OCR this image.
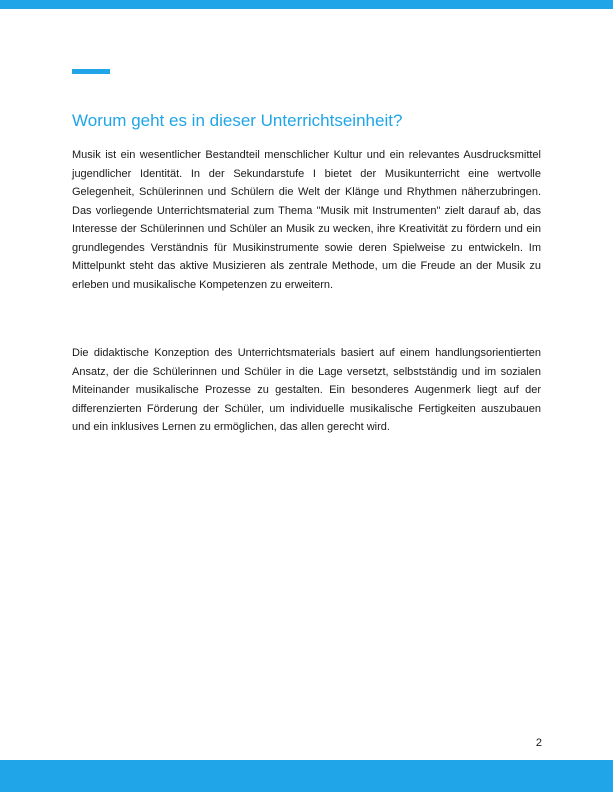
Worum geht es in dieser Unterrichtseinheit?

Musik ist ein wesentlicher Bestandteil menschlicher Kultur und ein relevantes Ausdrucksmittel jugendlicher Identität. In der Sekundarstufe I bietet der Musikunterricht eine wertvolle Gelegenheit, Schülerinnen und Schülern die Welt der Klänge und Rhythmen näherzubringen. Das vorliegende Unterrichtsmaterial zum Thema "Musik mit Instrumenten" zielt darauf ab, das Interesse der Schülerinnen und Schüler an Musik zu wecken, ihre Kreativität zu fördern und ein grundlegendes Verständnis für Musikinstrumente sowie deren Spielweise zu entwickeln. Im Mittelpunkt steht das aktive Musizieren als zentrale Methode, um die Freude an der Musik zu erleben und musikalische Kompetenzen zu erweitern.

Die didaktische Konzeption des Unterrichtsmaterials basiert auf einem handlungsorientierten Ansatz, der die Schülerinnen und Schüler in die Lage versetzt, selbstständig und im sozialen Miteinander musikalische Prozesse zu gestalten. Ein besonderes Augenmerk liegt auf der differenzierten Förderung der Schüler, um individuelle musikalische Fertigkeiten auszubauen und ein inklusives Lernen zu ermöglichen, das allen gerecht wird.

2
